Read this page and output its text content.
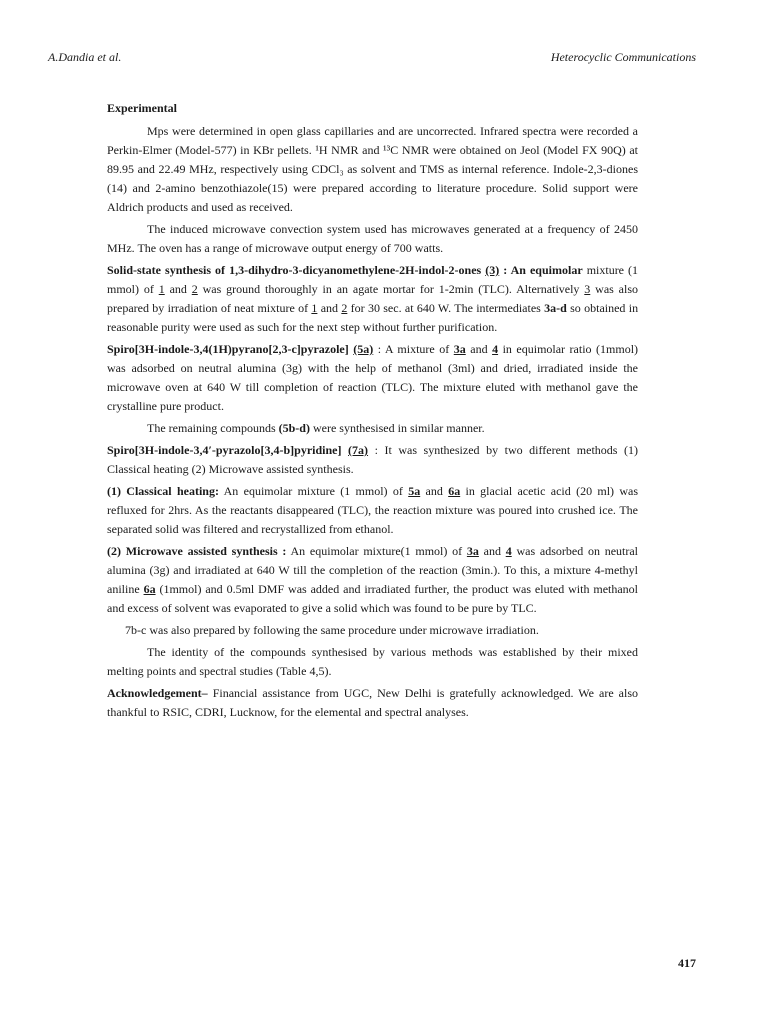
A.Dandia et al.	Heterocyclic Communications

Experimental

Mps were determined in open glass capillaries and are uncorrected. Infrared spectra were recorded a Perkin-Elmer (Model-577) in KBr pellets. ¹H NMR and ¹³C NMR were obtained on Jeol (Model FX 90Q) at 89.95 and 22.49 MHz, respectively using CDCl₃ as solvent and TMS as internal reference. Indole-2,3-diones (14) and 2-amino benzothiazole(15) were prepared according to literature procedure. Solid support were Aldrich products and used as received.

The induced microwave convection system used has microwaves generated at a frequency of 2450 MHz. The oven has a range of microwave output energy of 700 watts.

Solid-state synthesis of 1,3-dihydro-3-dicyanomethylene-2H-indol-2-ones (3) : An equimolar mixture (1 mmol) of 1 and 2 was ground thoroughly in an agate mortar for 1-2min (TLC). Alternatively 3 was also prepared by irradiation of neat mixture of 1 and 2 for 30 sec. at 640 W. The intermediates 3a-d so obtained in reasonable purity were used as such for the next step without further purification.

Spiro[3H-indole-3,4(1H)pyrano[2,3-c]pyrazole] (5a) : A mixture of 3a and 4 in equimolar ratio (1mmol) was adsorbed on neutral alumina (3g) with the help of methanol (3ml) and dried, irradiated inside the microwave oven at 640 W till completion of reaction (TLC). The mixture eluted with methanol gave the crystalline pure product.

The remaining compounds (5b-d) were synthesised in similar manner.

Spiro[3H-indole-3,4′-pyrazolo[3,4-b]pyridine] (7a) : It was synthesized by two different methods (1) Classical heating (2) Microwave assisted synthesis.

(1) Classical heating: An equimolar mixture (1 mmol) of 5a and 6a in glacial acetic acid (20 ml) was refluxed for 2hrs. As the reactants disappeared (TLC), the reaction mixture was poured into crushed ice. The separated solid was filtered and recrystallized from ethanol.

(2) Microwave assisted synthesis : An equimolar mixture(1 mmol) of 3a and 4 was adsorbed on neutral alumina (3g) and irradiated at 640 W till the completion of the reaction (3min.). To this, a mixture 4-methyl aniline 6a (1mmol) and 0.5ml DMF was added and irradiated further, the product was eluted with methanol and excess of solvent was evaporated to give a solid which was found to be pure by TLC.

7b-c was also prepared by following the same procedure under microwave irradiation.

The identity of the compounds synthesised by various methods was established by their mixed melting points and spectral studies (Table 4,5).

Acknowledgement– Financial assistance from UGC, New Delhi is gratefully acknowledged. We are also thankful to RSIC, CDRI, Lucknow, for the elemental and spectral analyses.

417
